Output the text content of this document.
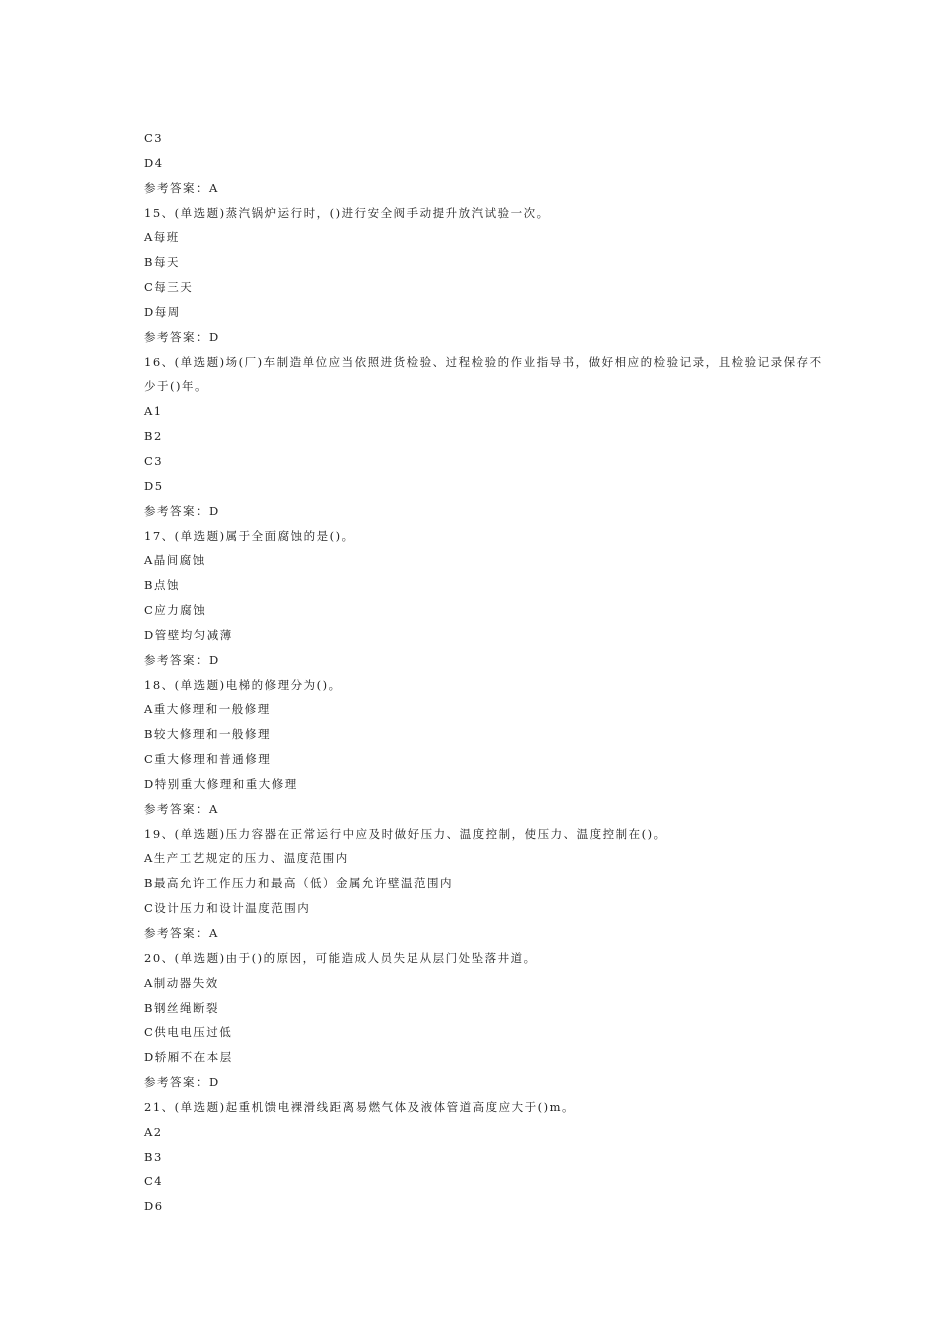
C3
D4
参考答案：A
15、(单选题)蒸汽锅炉运行时，()进行安全阀手动提升放汽试验一次。
A每班
B每天
C每三天
D每周
参考答案：D
16、(单选题)场(厂)车制造单位应当依照进货检验、过程检验的作业指导书，做好相应的检验记录，且检验记录保存不
少于()年。
A1
B2
C3
D5
参考答案：D
17、(单选题)属于全面腐蚀的是()。
A晶间腐蚀
B点蚀
C应力腐蚀
D管壁均匀减薄
参考答案：D
18、(单选题)电梯的修理分为()。
A重大修理和一般修理
B较大修理和一般修理
C重大修理和普通修理
D特别重大修理和重大修理
参考答案：A
19、(单选题)压力容器在正常运行中应及时做好压力、温度控制，使压力、温度控制在()。
A生产工艺规定的压力、温度范围内
B最高允许工作压力和最高（低）金属允许壁温范围内
C设计压力和设计温度范围内
参考答案：A
20、(单选题)由于()的原因，可能造成人员失足从层门处坠落井道。
A制动器失效
B钢丝绳断裂
C供电电压过低
D轿厢不在本层
参考答案：D
21、(单选题)起重机馈电裸滑线距离易燃气体及液体管道高度应大于()m。
A2
B3
C4
D6
